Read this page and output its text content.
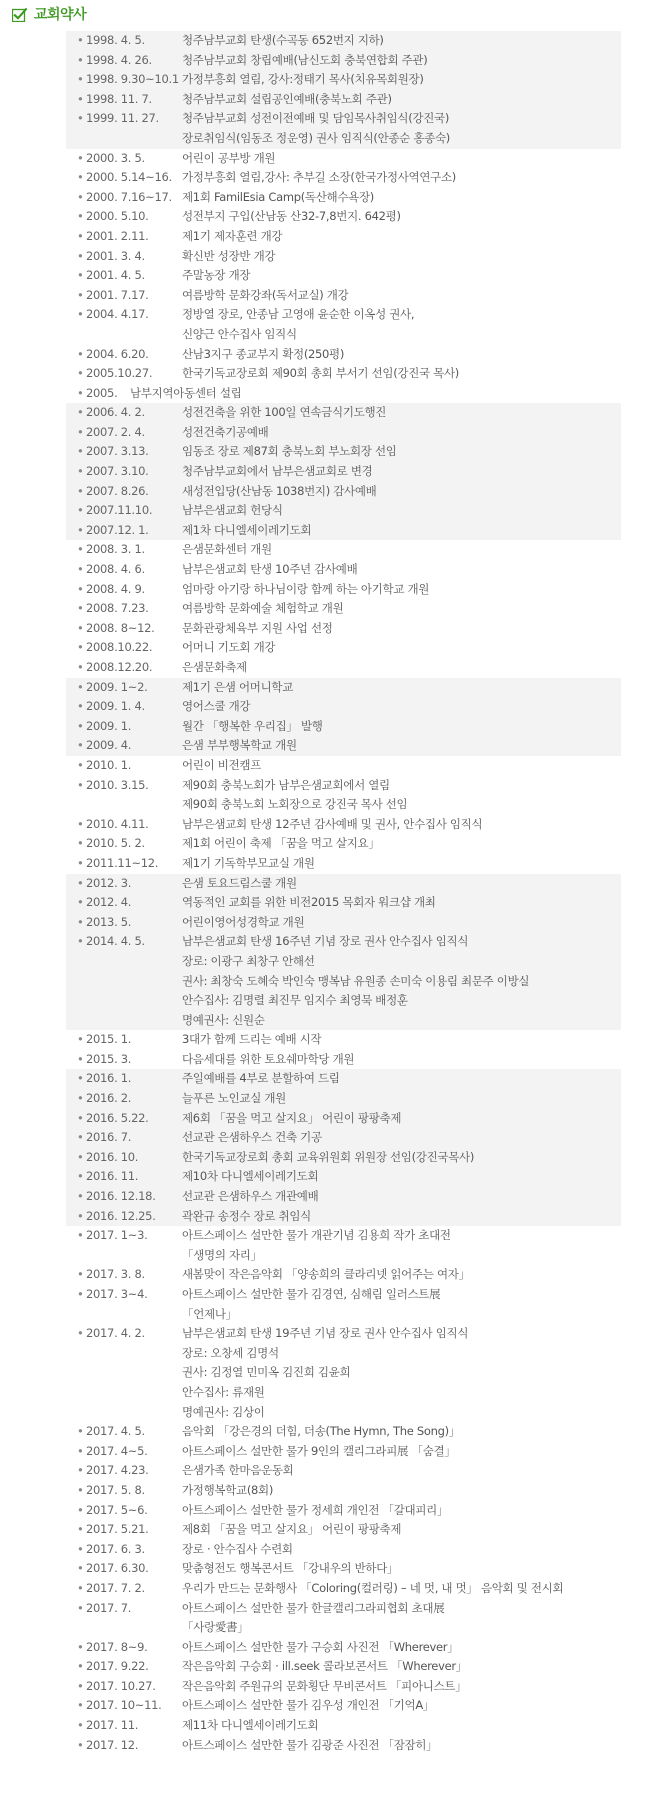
교회약사
• 1998. 4. 5.	청주남부교회 탄생(수곡동 652번지 지하)
• 1998. 4. 26.	청주남부교회 창립예배(남신도회 충북연합회 주관)
• 1998. 9.30~10.1 가정부흥회 열림, 강사:정태기 목사(치유목회원장)
• 1998. 11. 7.	청주남부교회 설립공인예배(충북노회 주관)
• 1999. 11. 27. 청주남부교회 성전이전예배 및 담임목사취임식(강진국)
장로취임식(임동조 정운영) 권사 임직식(안종순 홍종숙)
• 2000. 3. 5.	어린이 공부방 개원
• 2000. 5.14~16. 가정부흥회 열림,강사: 추부길 소장(한국가정사역연구소)
• 2000. 7.16~17. 제1회 FamilEsia Camp(독산해수욕장)
• 2000. 5.10.	성전부지 구입(산남동 산32-7,8번지. 642평)
• 2001. 2.11.	제1기 제자훈련 개강
• 2001. 3. 4.	확신반 성장반 개강
• 2001. 4. 5.	주말농장 개장
• 2001. 7.17.	여름방학 문화강좌(독서교실) 개강
• 2004. 4.17.	정방열 장로, 안종남 고영애 윤순한 이옥성 권사,
신양근 안수집사 임직식
• 2004. 6.20.	산남3지구 종교부지 확정(250평)
• 2005.10.27.	한국기독교장로회 제90회 총회 부서기 선임(강진국 목사)
• 2005. 남부지역아동센터 설립
• 2006. 4. 2.	성전건축을 위한 100일 연속금식기도행진
• 2007. 2. 4.	성전건축기공예배
• 2007. 3.13.	임동조 장로 제87회 충북노회 부노회장 선임
• 2007. 3.10.	청주남부교회에서 남부은샘교회로 변경
• 2007. 8.26.	새성전입당(산남동 1038번지) 감사예배
• 2007.11.10.	남부은샘교회 헌당식
• 2007.12. 1.	제1차 다니엘세이레기도회
• 2008. 3. 1.	은샘문화센터 개원
• 2008. 4. 6.	남부은샘교회 탄생 10주년 감사예배
• 2008. 4. 9.	엄마랑 아기랑 하나님이랑 함께 하는 아기학교 개원
• 2008. 7.23.	여름방학 문화예술 체험학교 개원
• 2008. 8~12. 문화관광체육부 지원 사업 선정
• 2008.10.22.	어머니 기도회 개강
• 2008.12.20.	은샘문화축제
• 2009. 1~2.	제1기 은샘 어머니학교
• 2009. 1. 4.	영어스쿨 개강
• 2009. 1.	월간 「행복한 우리집」 발행
• 2009. 4.	은샘 부부행복학교 개원
• 2010. 1.	어린이 비전캠프
• 2010. 3.15.	제90회 충북노회가 남부은샘교회에서 열림
제90회 충북노회 노회장으로 강진국 목사 선임
• 2010. 4.11.	남부은샘교회 탄생 12주년 감사예배 및 권사, 안수집사 임직식
• 2010. 5. 2.	제1회 어린이 축제 「꿈을 먹고 살지요」
• 2011.11~12. 제1기 기독학부모교실 개원
• 2012. 3.	은샘 토요드림스쿨 개원
• 2012. 4.	역동적인 교회를 위한 비전2015 목회자 워크샵 개최
• 2013. 5.	어린이영어성경학교 개원
• 2014. 4. 5.	남부은샘교회 탄생 16주년 기념 장로 권사 안수집사 임직식
장로: 이광구 최창구 안해선
권사: 최창숙 도혜숙 박인숙 맹복남 유원종 손미숙 이용림 최문주 이방실
안수집사: 김명렬 최진무 임지수 최영묵 배정훈
명예권사: 신원순
• 2015. 1.	3대가 함께 드리는 예배 시작
• 2015. 3.	다음세대를 위한 토요쉐마학당 개원
• 2016. 1.	주일예배를 4부로 분할하여 드림
• 2016. 2.	늘푸른 노인교실 개원
• 2016. 5.22.	제6회 「꿈을 먹고 살지요」 어린이 팡팡축제
• 2016. 7.	선교관 은샘하우스 건축 기공
• 2016. 10.	한국기독교장로회 총회 교육위원회 위원장 선임(강진국목사)
• 2016. 11.	제10차 다니엘세이레기도회
• 2016. 12.18. 선교관 은샘하우스 개관예배
• 2016. 12.25. 곽완규 송정수 장로 취임식
• 2017. 1~3.	아트스페이스 설만한 물가 개관기념 김용희 작가 초대전
「생명의 자리」
• 2017. 3. 8.	새봄맞이 작은음악회 「양송희의 클라리넷 읽어주는 여자」
• 2017. 3~4.	아트스페이스 설만한 물가 김경연, 심해림 일러스트展
「언제나」
• 2017. 4. 2.	남부은샘교회 탄생 19주년 기념 장로 권사 안수집사 임직식
장로: 오창세 김명석
권사: 김정열 민미옥 김진희 김윤희
안수집사: 류재원
명예권사: 김상이
• 2017. 4. 5.	음악회 「강은경의 더힘, 더송(The Hymn, The Song)」
• 2017. 4~5.	아트스페이스 설만한 물가 9인의 캘리그라피展 「숨결」
• 2017. 4.23.	은샘가족 한마음운동회
• 2017. 5. 8.	가정행복학교(8회)
• 2017. 5~6.	아트스페이스 설만한 물가 정세희 개인전 「갈대피리」
• 2017. 5.21.	제8회 「꿈을 먹고 살지요」 어린이 팡팡축제
• 2017. 6. 3.	장로 · 안수집사 수련회
• 2017. 6.30.	맞춤형전도 행복콘서트 「강내우의 반하다」
• 2017. 7. 2.	우리가 만드는 문화행사 「Coloring(컬러링) – 네 멋, 내 멋」 음악회 및 전시회
• 2017. 7.	아트스페이스 설만한 물가 한글캘리그라피협회 초대展
「사랑愛書」
• 2017. 8~9.	아트스페이스 설만한 물가 구승회 사진전 「Wherever」
• 2017. 9.22.	작은음악회 구승회 · ill.seek 콜라보콘서트 「Wherever」
• 2017. 10.27. 작은음악회 주원규의 문화횡단 무비콘서트 「피아니스트」
• 2017. 10~11. 아트스페이스 설만한 물가 김우성 개인전 「기억A」
• 2017. 11.	제11차 다니엘세이레기도회
• 2017. 12.	아트스페이스 설만한 물가 김광준 사진전 「잠잠히」
